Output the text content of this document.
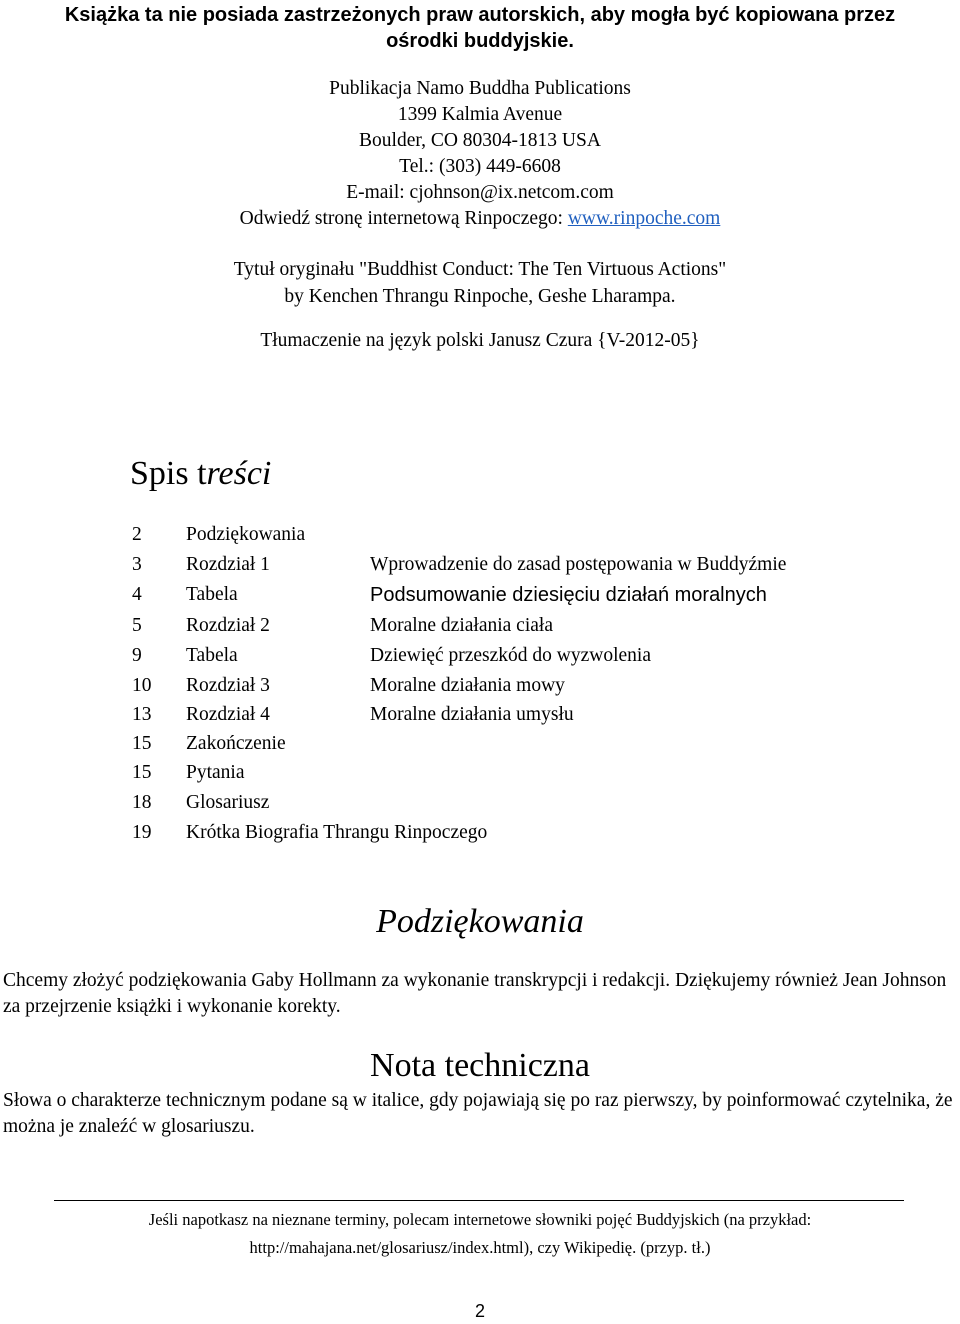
Książka ta nie posiada zastrzeżonych praw autorskich, aby mogła być kopiowana przez
ośrodki buddyjskie.
Publikacja Namo Buddha Publications
1399 Kalmia Avenue
Boulder, CO 80304-1813 USA
Tel.: (303) 449-6608
E-mail: cjohnson@ix.netcom.com
Odwiedź stronę internetową Rinpoczego: www.rinpoche.com
Tytuł oryginału "Buddhist Conduct: The Ten Virtuous Actions"
by Kenchen Thrangu Rinpoche, Geshe Lharampa.
Tłumaczenie na język polski Janusz Czura {V-2012-05}
Spis treści
2 Podziękowania
3 Rozdział 1	Wprowadzenie do zasad postępowania w Buddyźmie
4 Tabela	Podsumowanie dziesięciu działań moralnych
5 Rozdział 2	Moralne działania ciała
9 Tabela	Dziewięć przeszkód do wyzwolenia
10 Rozdział 3	Moralne działania mowy
13 Rozdział 4	Moralne działania umysłu
15 Zakończenie
15 Pytania
18 Glosariusz
19 Krótka Biografia Thrangu Rinpoczego
Podziękowania
Chcemy złożyć podziękowania Gaby Hollmann za wykonanie transkrypcji i redakcji. Dziękujemy również Jean Johnson za przejrzenie książki i wykonanie korekty.
Nota techniczna
Słowa o charakterze technicznym podane są w italice, gdy pojawiają się po raz pierwszy, by poinformować czytelnika, że można je znaleźć w glosariuszu.
Jeśli napotkasz na nieznane terminy, polecam internetowe słowniki pojęć Buddyjskich (na przykład:
http://mahajana.net/glosariusz/index.html), czy Wikipedię. (przyp. tł.)
2
